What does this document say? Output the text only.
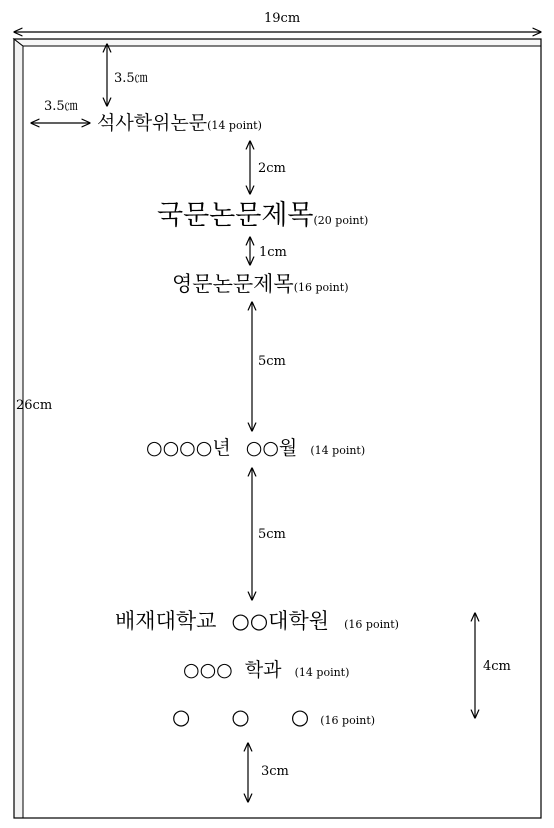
19cm
26cm
3.5㎝
3.5㎝
2cm
1cm
5cm
5cm
4cm
3cm
석사학위논문(14 point)
국문논문제목(20 point)
영문논문제목(16 point)
○○○○년 ○○월 (14 point)
배재대학교 ○○대학원 (16 point)
○○○  학과 (14 point)
○ ○ ○ (16 point)
